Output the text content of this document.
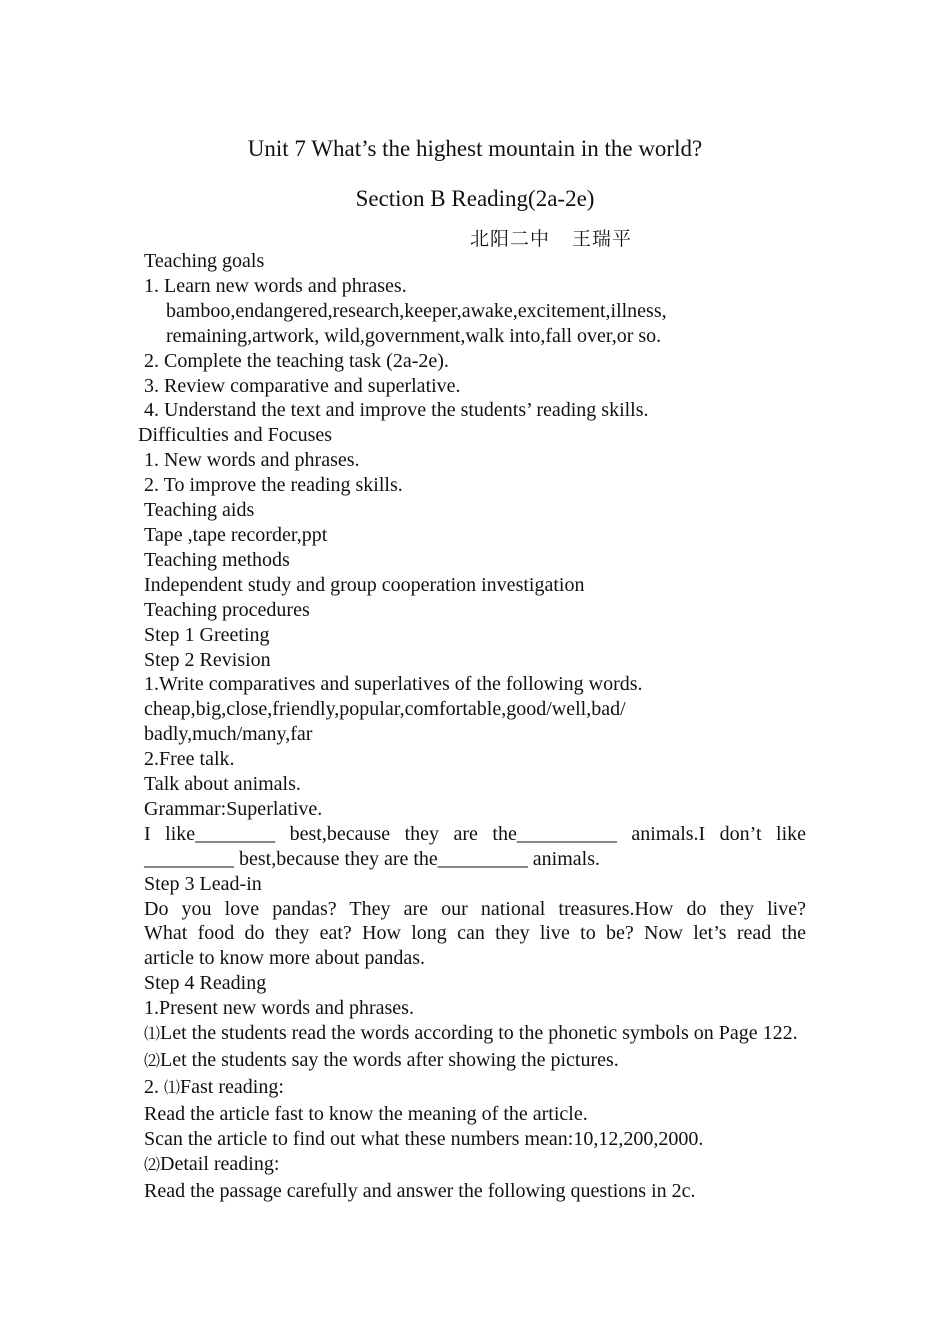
Unit 7 What’s the highest mountain in the world?
Section B Reading(2a-2e)
北阳二中 王瑞平
Teaching goals
1. Learn new words and phrases.
bamboo,endangered,research,keeper,awake,excitement,illness,
remaining,artwork, wild,government,walk into,fall over,or so.
2. Complete the teaching task (2a-2e).
3. Review comparative and superlative.
4. Understand the text and improve the students’ reading skills.
Difficulties and Focuses
1. New words and phrases.
2. To improve the reading skills.
Teaching aids
Tape ,tape recorder,ppt
Teaching methods
Independent study and group cooperation investigation
Teaching procedures
Step 1 Greeting
Step 2 Revision
1.Write comparatives and superlatives of the following words.
cheap,big,close,friendly,popular,comfortable,good/well,bad/
badly,much/many,far
2.Free talk.
Talk about animals.
Grammar:Superlative.
I like________ best,because they are the__________ animals.I don’t like
_________ best,because they are the_________ animals.
Step 3 Lead-in
Do you love pandas? They are our national treasures.How do they live?
What food do they eat? How long can they live to be? Now let’s read the
article to know more about pandas.
Step 4 Reading
1.Present new words and phrases.
⑴Let the students read the words according to the phonetic symbols on Page 122.
⑵Let the students say the words after showing the pictures.
2. ⑴Fast reading:
Read the article fast to know the meaning of the article.
Scan the article to find out what these numbers mean:10,12,200,2000.
⑵Detail reading:
Read the passage carefully and answer the following questions in 2c.
